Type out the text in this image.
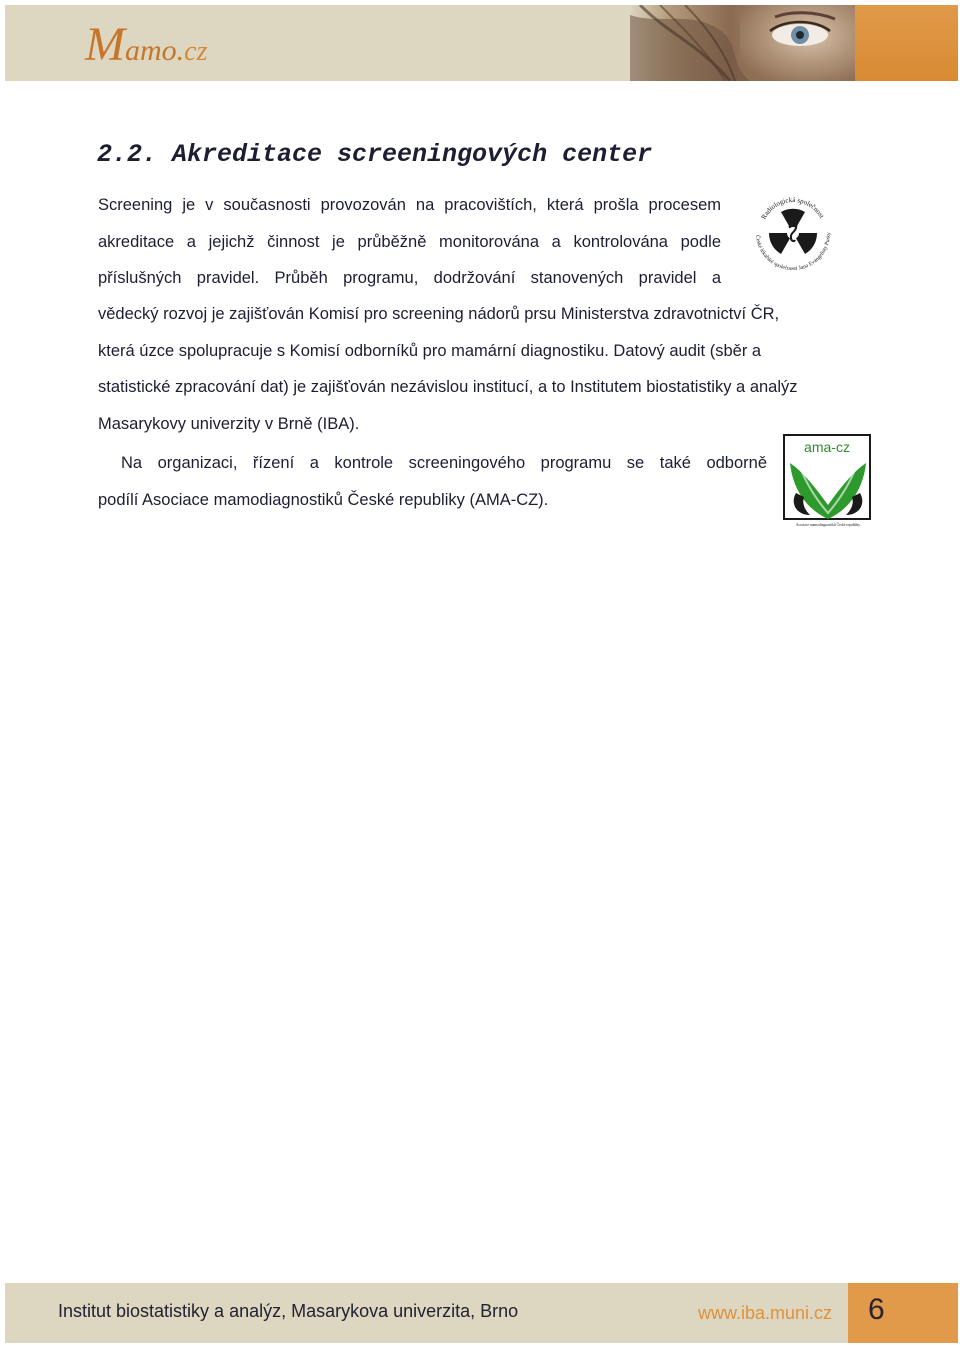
Mamo.cz
2.2. Akreditace screeningových center
Screening je v současnosti provozován na pracovištích, která prošla procesem
akreditace a jejichž činnost je průběžně monitorována a kontrolována podle
příslušných pravidel. Průběh programu, dodržování stanovených pravidel a
Radiologická společnost
České lékařské společnosti Jana Evangelisty Purky
vědecký rozvoj je zajišťován Komisí pro screening nádorů prsu Ministerstva zdravotnictví ČR,
která úzce spolupracuje s Komisí odborníků pro mamární diagnostiku. Datový audit (sběr a
statistické zpracování dat) je zajišťován nezávislou institucí, a to Institutem biostatistiky a analýz
Masarykovy univerzity v Brně (IBA).
Na organizaci, řízení a kontrole screeningového programu se také odborně
podílí Asociace mamodiagnostiků České republiky (AMA-CZ).
ama-cz
Asociace mamodiagnostiků České republiky
Institut biostatistiky a analýz, Masarykova univerzita, Brno	www.iba.muni.cz 6
